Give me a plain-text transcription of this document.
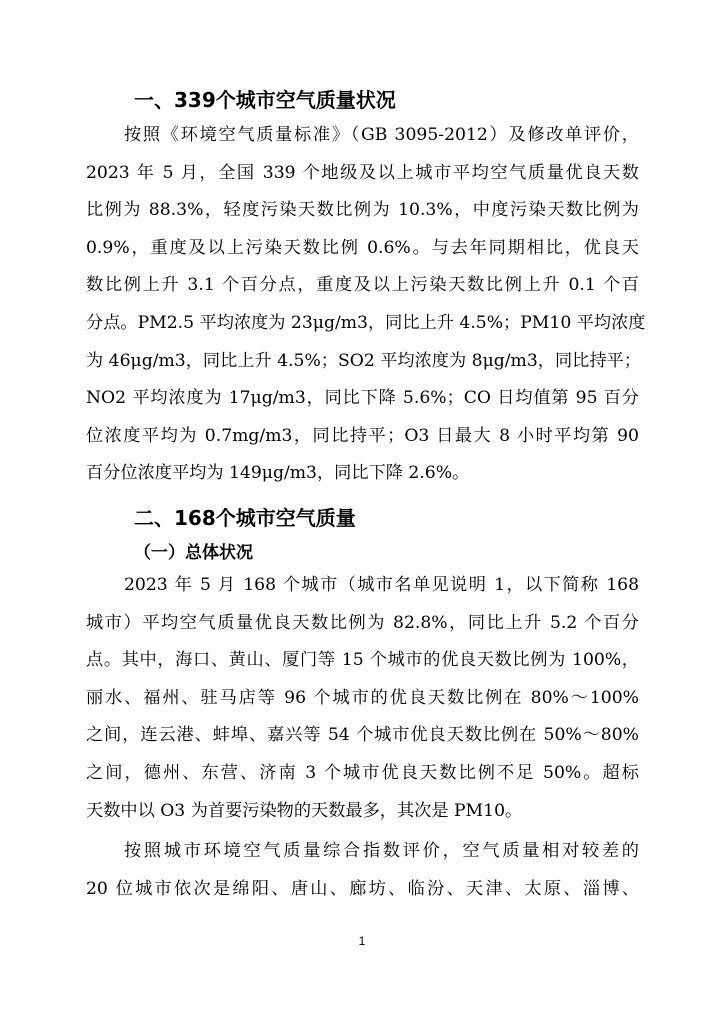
一、339个城市空气质量状况
按照《环境空气质量标准》（GB 3095-2012）及修改单评价，
2023 年 5 月，全国 339 个地级及以上城市平均空气质量优良天数
比例为 88.3%，轻度污染天数比例为 10.3%，中度污染天数比例为
0.9%，重度及以上污染天数比例 0.6%。与去年同期相比，优良天
数比例上升 3.1 个百分点，重度及以上污染天数比例上升 0.1 个百
分点。PM2.5 平均浓度为 23μg/m3，同比上升 4.5%；PM10 平均浓度
为 46μg/m3，同比上升 4.5%；SO2 平均浓度为 8μg/m3，同比持平；
NO2 平均浓度为 17μg/m3，同比下降 5.6%；CO 日均值第 95 百分
位浓度平均为 0.7mg/m3，同比持平；O3 日最大 8 小时平均第 90
百分位浓度平均为 149μg/m3，同比下降 2.6%。
二、168个城市空气质量
（一）总体状况
2023 年 5 月 168 个城市（城市名单见说明 1，以下简称 168
城市）平均空气质量优良天数比例为 82.8%，同比上升 5.2 个百分
点。其中，海口、黄山、厦门等 15 个城市的优良天数比例为 100%，
丽水、福州、驻马店等 96 个城市的优良天数比例在 80%～100%
之间，连云港、蚌埠、嘉兴等 54 个城市优良天数比例在 50%～80%
之间，德州、东营、济南 3 个城市优良天数比例不足 50%。超标
天数中以 O3 为首要污染物的天数最多，其次是 PM10。
按照城市环境空气质量综合指数评价，空气质量相对较差的
20 位城市依次是绵阳、唐山、廊坊、临汾、天津、太原、淄博、
1
